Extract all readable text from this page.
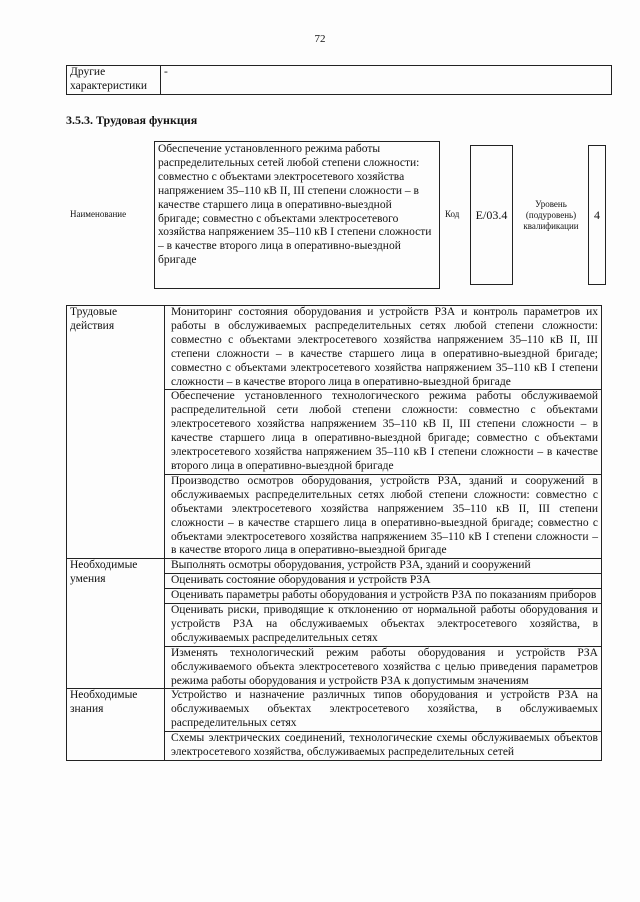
72
Другие характеристики	-
3.5.3. Трудовая функция
Наименование
Обеспечение установленного режима работы распределительных сетей любой степени сложности: совместно с объектами электросетевого хозяйства напряжением 35–110 кВ II, III степени сложности – в качестве старшего лица в оперативно-выездной бригаде; совместно с объектами электросетевого хозяйства напряжением 35–110 кВ I степени сложности – в качестве второго лица в оперативно-выездной бригаде
Код	E/03.4
Уровень (подуровень) квалификации
4
Трудовые действия	Мониторинг состояния оборудования и устройств РЗА и контроль параметров их работы в обслуживаемых распределительных сетях любой степени сложности: совместно с объектами электросетевого хозяйства напряжением 35–110 кВ II, III степени сложности – в качестве старшего лица в оперативно-выездной бригаде; совместно с объектами электросетевого хозяйства напряжением 35–110 кВ I степени сложности – в качестве второго лица в оперативно-выездной бригаде
	Обеспечение установленного технологического режима работы обслуживаемой распределительной сети любой степени сложности: совместно с объектами электросетевого хозяйства напряжением 35–110 кВ II, III степени сложности – в качестве старшего лица в оперативно-выездной бригаде; совместно с объектами электросетевого хозяйства напряжением 35–110 кВ I степени сложности – в качестве второго лица в оперативно-выездной бригаде
	Производство осмотров оборудования, устройств РЗА, зданий и сооружений в обслуживаемых распределительных сетях любой степени сложности: совместно с объектами электросетевого хозяйства напряжением 35–110 кВ II, III степени сложности – в качестве старшего лица в оперативно-выездной бригаде; совместно с объектами электросетевого хозяйства напряжением 35–110 кВ I степени сложности – в качестве второго лица в оперативно-выездной бригаде
Необходимые умения	Выполнять осмотры оборудования, устройств РЗА, зданий и сооружений
	Оценивать состояние оборудования и устройств РЗА
	Оценивать параметры работы оборудования и устройств РЗА по показаниям приборов
	Оценивать риски, приводящие к отклонению от нормальной работы оборудования и устройств РЗА на обслуживаемых объектах электросетевого хозяйства, в обслуживаемых распределительных сетях
	Изменять технологический режим работы оборудования и устройств РЗА обслуживаемого объекта электросетевого хозяйства с целью приведения параметров режима работы оборудования и устройств РЗА к допустимым значениям
Необходимые знания	Устройство и назначение различных типов оборудования и устройств РЗА на обслуживаемых объектах электросетевого хозяйства, в обслуживаемых распределительных сетях
	Схемы электрических соединений, технологические схемы обслуживаемых объектов электросетевого хозяйства, обслуживаемых распределительных сетей
